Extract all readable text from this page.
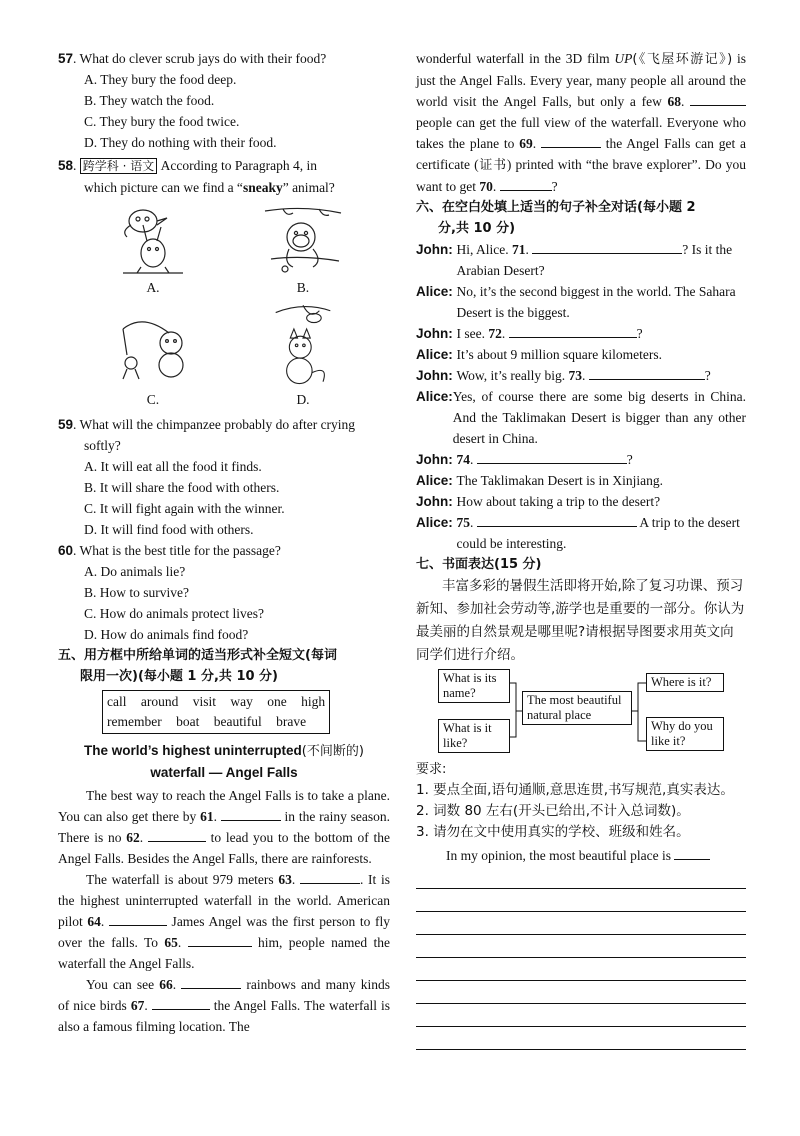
57. What do clever scrub jays do with their food?

A. They bury the food deep.
B. They watch the food.
C. They bury the food twice.
D. They do nothing with their food.

58. 跨学科 · 语文 According to Paragraph 4, in

which picture can we find a “sneaky” animal?

A.	B.
C.	D.

59. What will the chimpanzee probably do after crying

softly?

A. It will eat all the food it finds.
B. It will share the food with others.
C. It will fight again with the winner.
D. It will find food with others.

60. What is the best title for the passage?

A. Do animals lie?
B. How to survive?
C. How do animals protect lives?
D. How do animals find food?
五、用方框中所给单词的适当形式补全短文(每词
限用一次)(每小题 1 分,共 10 分)
call around visit way one high
remember boat beautiful brave
The world’s highest uninterrupted(不间断的)
waterfall — Angel Falls

The best way to reach the Angel Falls is to take a plane. You can also get there by 61.	in the rainy season. There is no 62.	to lead you to the bottom of the Angel Falls. Besides the Angel Falls, there are rainforests.

The waterfall is about 979 meters 63.	. It is the highest uninterrupted waterfall in the world. American pilot 64.	James Angel was the first person to fly over the falls. To 65.	him, people named the waterfall the Angel Falls.

You can see 66.	rainbows and many kinds of nice birds 67.	the Angel Falls. The waterfall is also a famous filming location. The

wonderful waterfall in the 3D film UP(《飞屋环游记》) is just the Angel Falls. Every year, many people all around the world visit the Angel Falls, but only a few 68.  people can get the full view of the waterfall. Everyone who takes the plane to 69.	the Angel Falls can get a certificate (证书) printed with “the brave explorer”. Do you want to get 70.	?

六、在空白处填上适当的句子补全对话(每小题 2
分,共 10 分)
John: Hi, Alice. 71.	? Is it the Arabian Desert?
Alice: No, it’s the second biggest in the world. The Sahara Desert is the biggest.
John: I see. 72.	?
Alice: It’s about 9 million square kilometers.
John: Wow, it’s really big. 73.	?
Alice: Yes, of course there are some big deserts in China. And the Taklimakan Desert is bigger than any other desert in China.
John: 74.	?
Alice: The Taklimakan Desert is in Xinjiang.
John: How about taking a trip to the desert?
Alice: 75.	A trip to the desert could be interesting.
七、书面表达(15 分)

丰富多彩的暑假生活即将开始,除了复习功课、预习新知、参加社会劳动等,游学也是重要的一部分。你认为最美丽的自然景观是哪里呢?请根据导图要求用英文向同学们进行介绍。

What is its name?
What is it like?
The most beautiful natural place
Where is it?
Why do you like it?
要求:
1. 要点全面,语句通顺,意思连贯,书写规范,真实表达。
2. 词数 80 左右(开头已给出,不计入总词数)。
3. 请勿在文中使用真实的学校、班级和姓名。
In my opinion, the most beautiful place is
